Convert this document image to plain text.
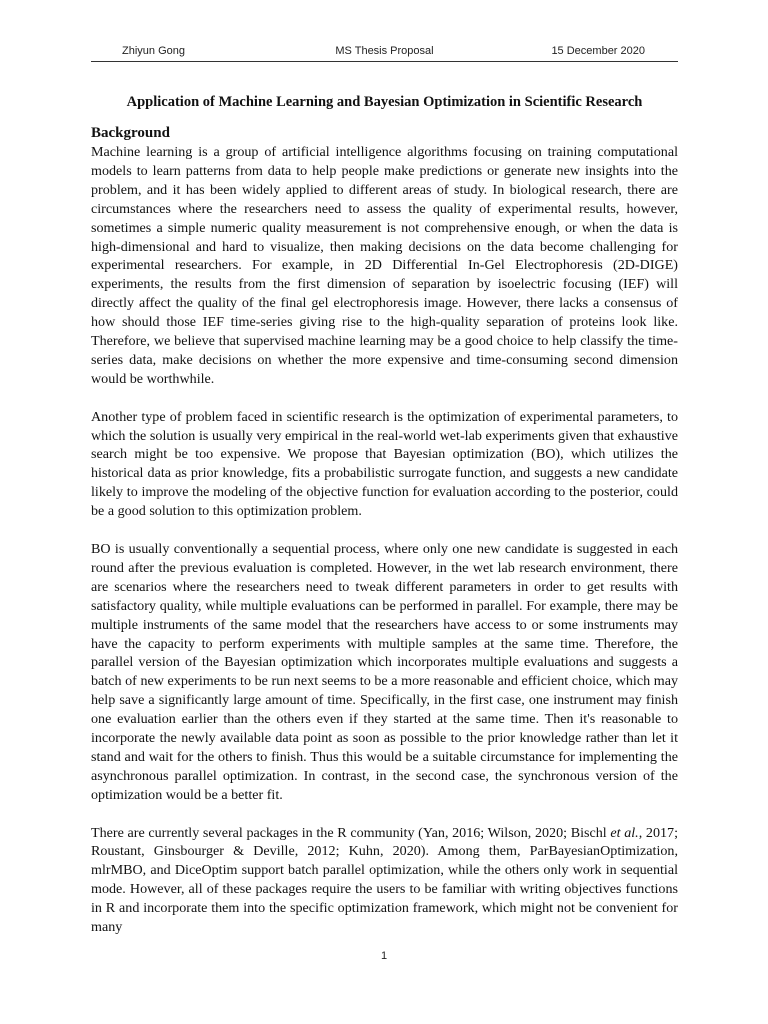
Zhiyun Gong	MS Thesis Proposal	15 December 2020
Application of Machine Learning and Bayesian Optimization in Scientific Research
Background

Machine learning is a group of artificial intelligence algorithms focusing on training computational models to learn patterns from data to help people make predictions or generate new insights into the problem, and it has been widely applied to different areas of study. In biological research, there are circumstances where the researchers need to assess the quality of experimental results, however, sometimes a simple numeric quality measurement is not comprehensive enough, or when the data is high-dimensional and hard to visualize, then making decisions on the data become challenging for experimental researchers. For example, in 2D Differential In-Gel Electrophoresis (2D-DIGE) experiments, the results from the first dimension of separation by isoelectric focusing (IEF) will directly affect the quality of the final gel electrophoresis image. However, there lacks a consensus of how should those IEF time-series giving rise to the high-quality separation of proteins look like. Therefore, we believe that supervised machine learning may be a good choice to help classify the time-series data, make decisions on whether the more expensive and time-consuming second dimension would be worthwhile.

Another type of problem faced in scientific research is the optimization of experimental parameters, to which the solution is usually very empirical in the real-world wet-lab experiments given that exhaustive search might be too expensive. We propose that Bayesian optimization (BO), which utilizes the historical data as prior knowledge, fits a probabilistic surrogate function, and suggests a new candidate likely to improve the modeling of the objective function for evaluation according to the posterior, could be a good solution to this optimization problem.

BO is usually conventionally a sequential process, where only one new candidate is suggested in each round after the previous evaluation is completed. However, in the wet lab research environment, there are scenarios where the researchers need to tweak different parameters in order to get results with satisfactory quality, while multiple evaluations can be performed in parallel. For example, there may be multiple instruments of the same model that the researchers have access to or some instruments may have the capacity to perform experiments with multiple samples at the same time. Therefore, the parallel version of the Bayesian optimization which incorporates multiple evaluations and suggests a batch of new experiments to be run next seems to be a more reasonable and efficient choice, which may help save a significantly large amount of time. Specifically, in the first case, one instrument may finish one evaluation earlier than the others even if they started at the same time. Then it's reasonable to incorporate the newly available data point as soon as possible to the prior knowledge rather than let it stand and wait for the others to finish. Thus this would be a suitable circumstance for implementing the asynchronous parallel optimization. In contrast, in the second case, the synchronous version of the optimization would be a better fit.

There are currently several packages in the R community (Yan, 2016; Wilson, 2020; Bischl et al., 2017; Roustant, Ginsbourger & Deville, 2012; Kuhn, 2020). Among them, ParBayesianOptimization, mlrMBO, and DiceOptim support batch parallel optimization, while the others only work in sequential mode. However, all of these packages require the users to be familiar with writing objectives functions in R and incorporate them into the specific optimization framework, which might not be convenient for many

1
